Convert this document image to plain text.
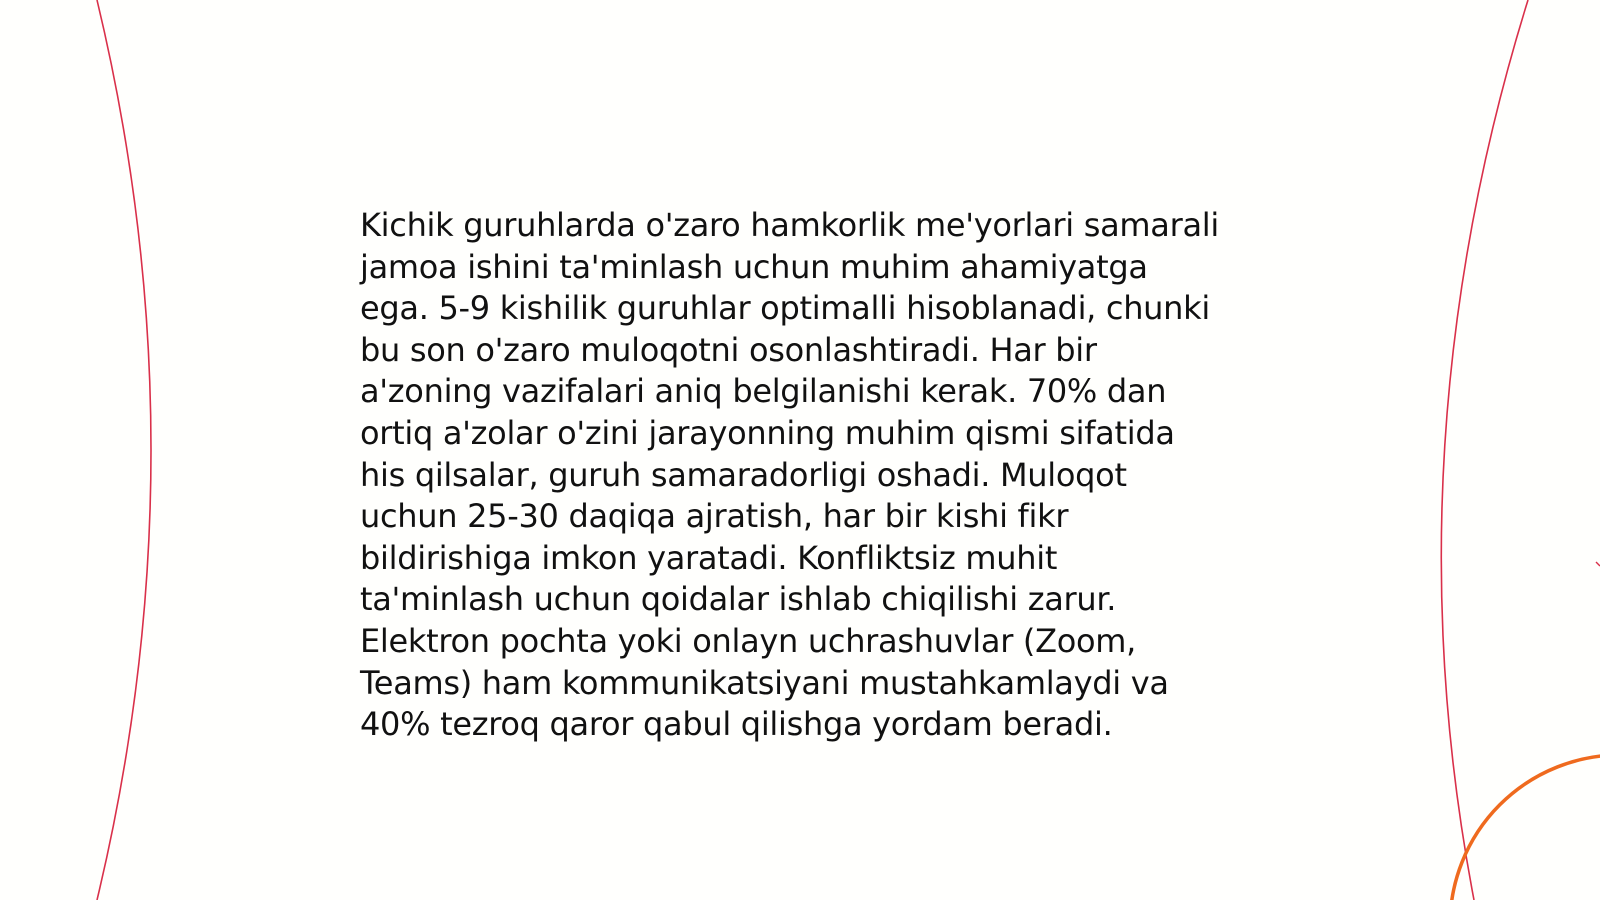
Kichik guruhlarda o'zaro hamkorlik me'yorlari samarali jamoa ishini ta'minlash uchun muhim ahamiyatga ega. 5-9 kishilik guruhlar optimalli hisoblanadi, chunki bu son o'zaro muloqotni osonlashtiradi. Har bir a'zoning vazifalari aniq belgilanishi kerak. 70% dan ortiq a'zolar o'zini jarayonning muhim qismi sifatida his qilsalar, guruh samaradorligi oshadi. Muloqot uchun 25-30 daqiqa ajratish, har bir kishi fikr bildirishiga imkon yaratadi. Konfliktsiz muhit ta'minlash uchun qoidalar ishlab chiqilishi zarur. Elektron pochta yoki onlayn uchrashuvlar (Zoom, Teams) ham kommunikatsiyani mustahkamlaydi va 40% tezroq qaror qabul qilishga yordam beradi.
